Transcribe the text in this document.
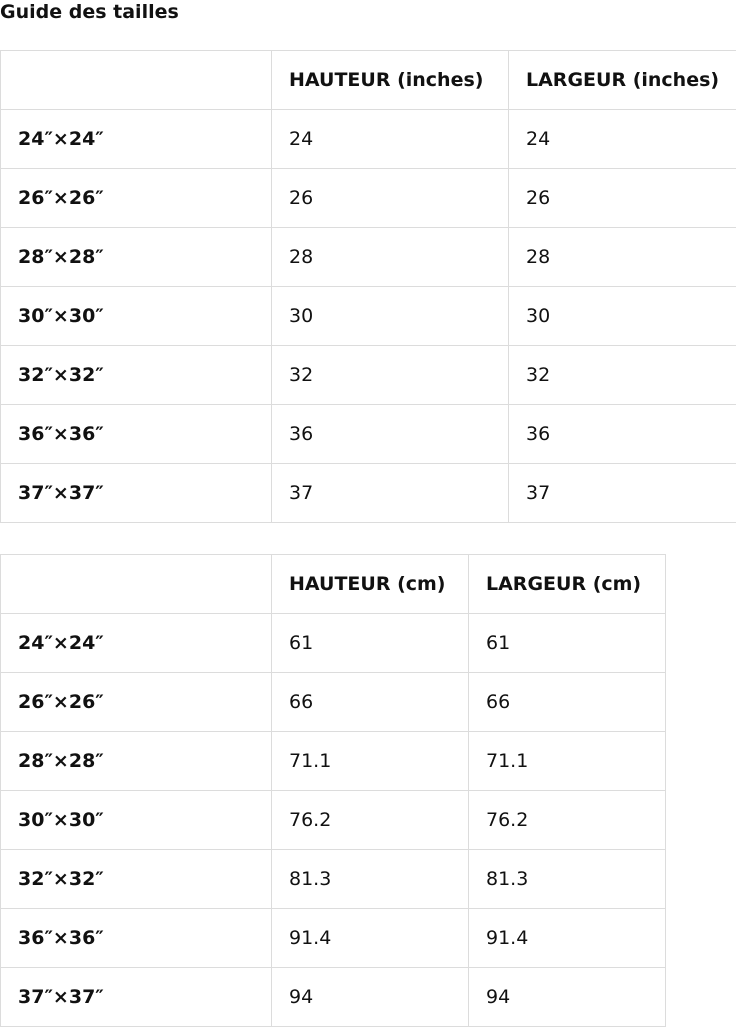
Guide des tailles
	HAUTEUR (inches)	LARGEUR (inches)
24″×24″	24	24
26″×26″	26	26
28″×28″	28	28
30″×30″	30	30
32″×32″	32	32
36″×36″	36	36
37″×37″	37	37
	HAUTEUR (cm)	LARGEUR (cm)
24″×24″	61	61
26″×26″	66	66
28″×28″	71.1	71.1
30″×30″	76.2	76.2
32″×32″	81.3	81.3
36″×36″	91.4	91.4
37″×37″	94	94
